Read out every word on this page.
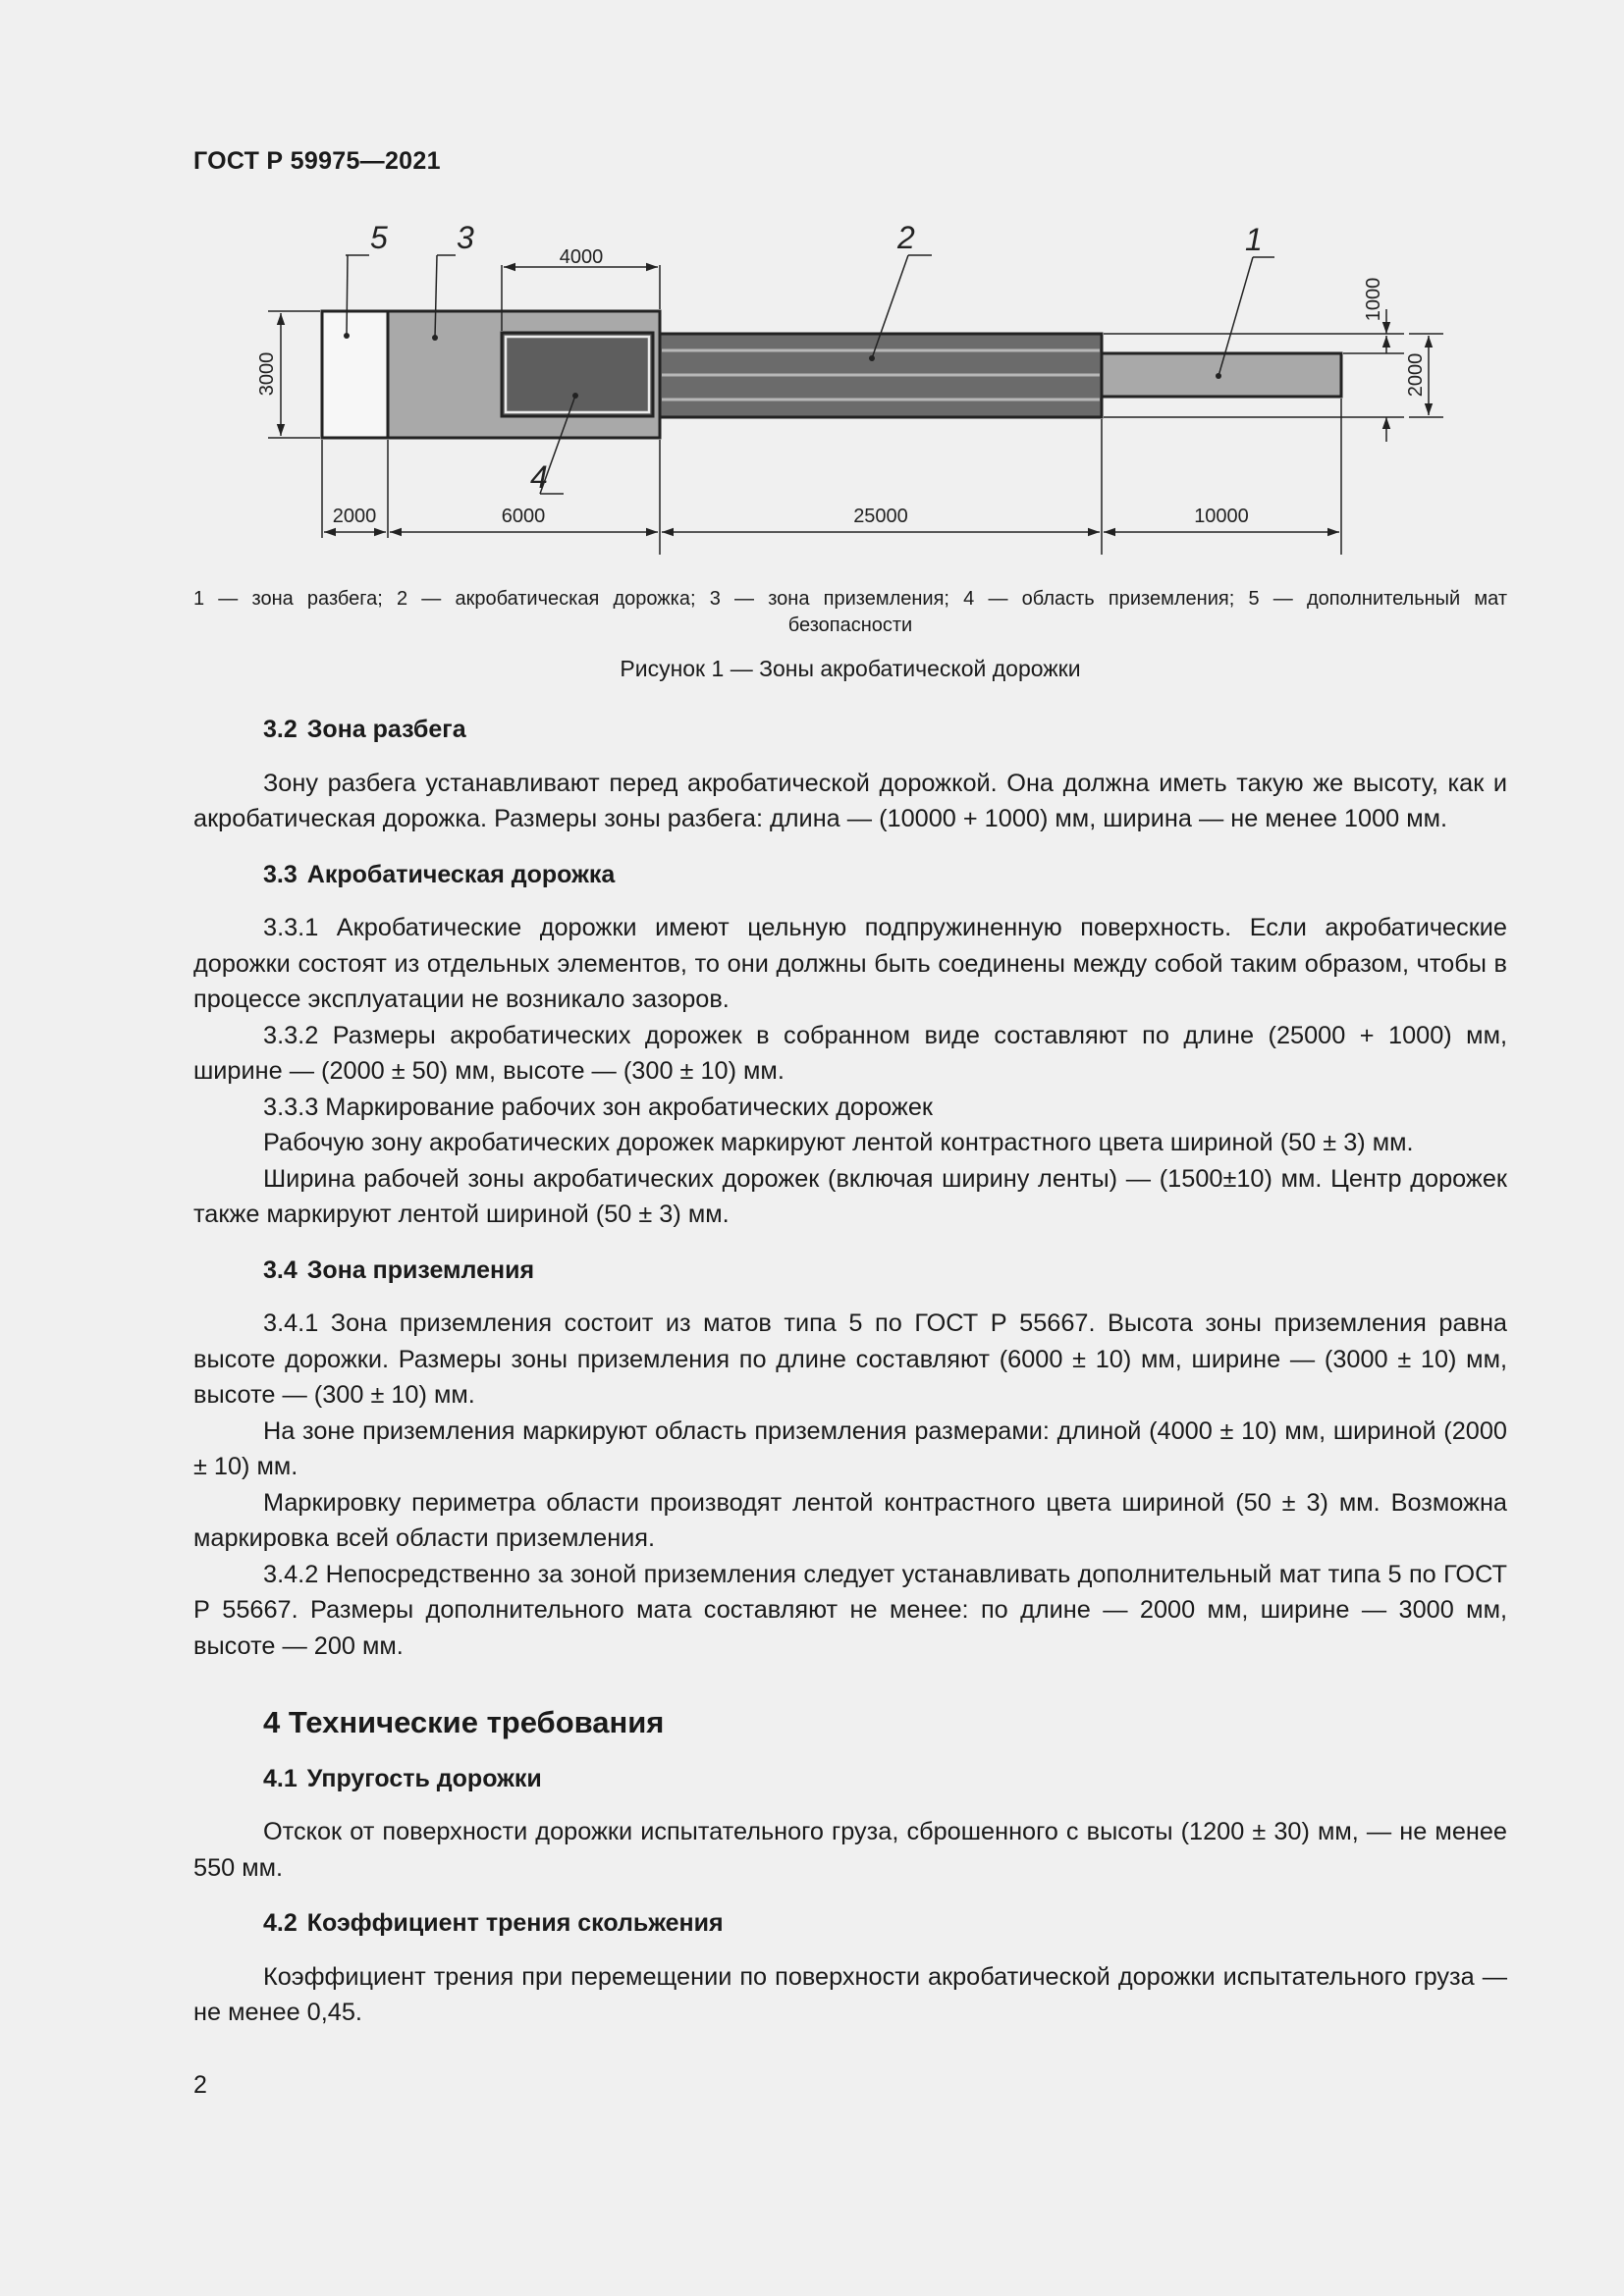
ГОСТ Р 59975—2021
5 3	2	1
4
4000
3000
1000
2000
2000	6000	25000	10000
1 — зона разбега; 2 — акробатическая дорожка; 3 — зона приземления; 4 — область приземления; 5 — дополнительный мат
безопасности
Рисунок 1 — Зоны акробатической дорожки
3.2 Зона разбега

Зону разбега устанавливают перед акробатической дорожкой. Она должна иметь такую же высоту, как и акробатическая дорожка. Размеры зоны разбега: длина — (10000 + 1000) мм, ширина — не менее 1000 мм.

3.3 Акробатическая дорожка

3.3.1 Акробатические дорожки имеют цельную подпружиненную поверхность. Если акробатические дорожки состоят из отдельных элементов, то они должны быть соединены между собой таким образом, чтобы в процессе эксплуатации не возникало зазоров.

3.3.2 Размеры акробатических дорожек в собранном виде составляют по длине (25000 + 1000) мм, ширине — (2000 ± 50) мм, высоте — (300 ± 10) мм.

3.3.3 Маркирование рабочих зон акробатических дорожек

Рабочую зону акробатических дорожек маркируют лентой контрастного цвета шириной (50 ± 3) мм.

Ширина рабочей зоны акробатических дорожек (включая ширину ленты) — (1500±10) мм. Центр дорожек также маркируют лентой шириной (50 ± 3) мм.

3.4 Зона приземления

3.4.1 Зона приземления состоит из матов типа 5 по ГОСТ Р 55667. Высота зоны приземления равна высоте дорожки. Размеры зоны приземления по длине составляют (6000 ± 10) мм, ширине — (3000 ± 10) мм, высоте — (300 ± 10) мм.

На зоне приземления маркируют область приземления размерами: длиной (4000 ± 10) мм, шириной (2000 ± 10) мм.

Маркировку периметра области производят лентой контрастного цвета шириной (50 ± 3) мм. Возможна маркировка всей области приземления.

3.4.2 Непосредственно за зоной приземления следует устанавливать дополнительный мат типа 5 по ГОСТ Р 55667. Размеры дополнительного мата составляют не менее: по длине — 2000 мм, ширине — 3000 мм, высоте — 200 мм.

4 Технические требования
4.1 Упругость дорожки

Отскок от поверхности дорожки испытательного груза, сброшенного с высоты (1200 ± 30) мм, — не менее 550 мм.

4.2 Коэффициент трения скольжения

Коэффициент трения при перемещении по поверхности акробатической дорожки испытательного груза — не менее 0,45.

2
